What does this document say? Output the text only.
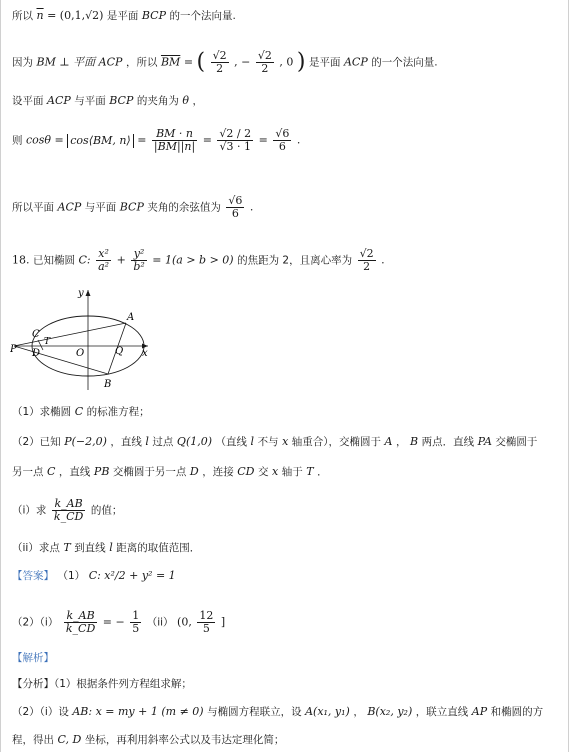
所以 $\overline{n} = (0,1,√2)$ 是平面 BCP 的一个法向量.
因为 BM ⊥ 平面 ACP ，所以 $\overline{BM}$ = ( $\frac{√2}{2}$ , − $\frac{√2}{2}$ , 0 ) 是平面 ACP 的一个法向量.
设平面 ACP 与平面 BCP 的夹角为 θ ，
则 cosθ = cos⟨BM, n⟩ = $\frac{BM \cdot n}{|BM||n|} = \frac{√2 / 2}{√3 \cdot 1} = \frac{√6}{6}$ .
所以平面 ACP 与平面 BCP 夹角的余弦值为 $\frac{√6}{6}$ .
18. 已知椭圆 C: $\frac{\text{x²}}{\text{a²}} + \frac{\text{y²}}{\text{b²}} = 1(a > b > 0)$ 的焦距为 2，且离心率为 $\frac{√2}{2}$ .
y
x
C
A
T
P D	O	Q
B
（1）求椭圆 C 的标准方程；
（2）已知 P(−2,0) ，直线 l 过点 Q(1,0) （直线 l 不与 x 轴重合），交椭圆于 A ， B 两点．直线 PA 交椭圆于
另一点 C ，直线 PB 交椭圆于另一点 D ，连接 CD 交 x 轴于 T ．
（i）求 $\frac{k\_AB}{k\_CD}$ 的值；
（ii）求点 T 到直线 l 距离的取值范围．
【答案】 （1） C: x²/2 + y² = 1
$(2)(i) \frac{k\_AB}{k\_CD}$ = − $\frac{1}{5} (ii)$ (0, $\frac{12}{5}$ ]
【解析】
【分析】（1）根据条件列方程组求解；
（2）（i）设 AB: x = my + 1 (m ≠ 0) 与椭圆方程联立，设 A(x₁, y₁) ， B(x₂, y₂) ，联立直线 AP 和椭圆的方
程，得出 C, D 坐标，再利用斜率公式以及韦达定理化简；
